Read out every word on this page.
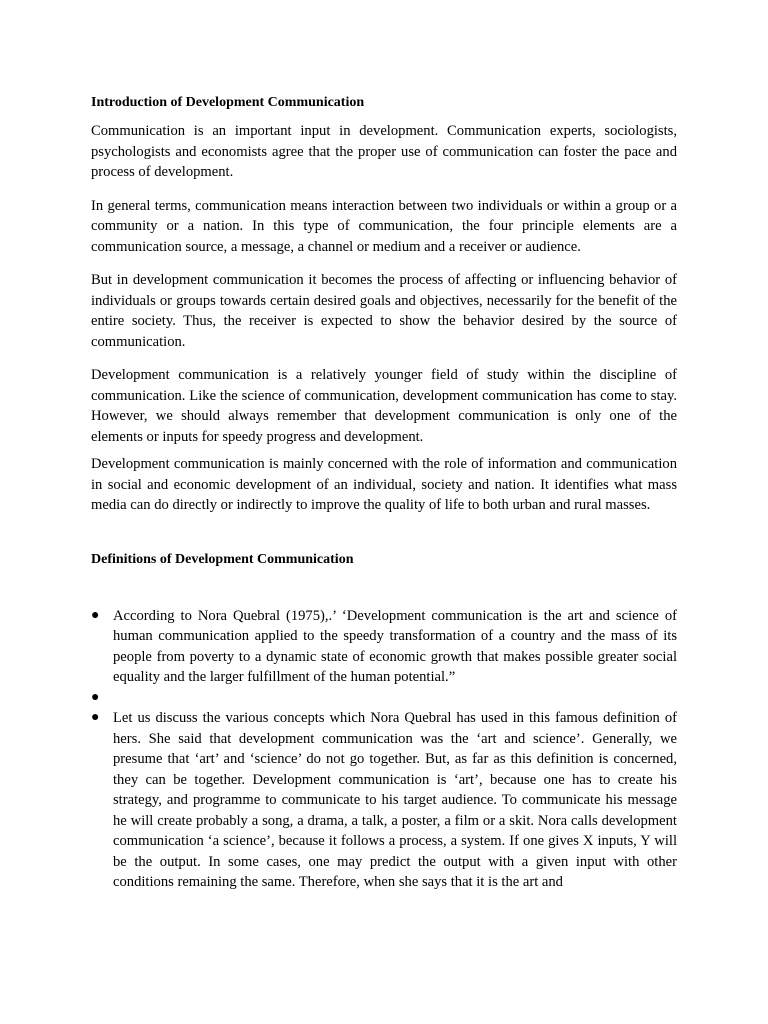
Introduction of Development Communication

Communication is an important input in development. Communication experts, sociologists, psychologists and economists agree that the proper use of communication can foster the pace and process of development.

In general terms, communication means interaction between two individuals or within a group or a community or a nation. In this type of communication, the four principle elements are a communication source, a message, a channel or medium and a receiver or audience.

But in development communication it becomes the process of affecting or influencing behavior of individuals or groups towards certain desired goals and objectives, necessarily for the benefit of the entire society. Thus, the receiver is expected to show the behavior desired by the source of communication.

Development communication is a relatively younger field of study within the discipline of communication. Like the science of communication, development communication has come to stay. However, we should always remember that development communication is only one of the elements or inputs for speedy progress and development.

Development communication is mainly concerned with the role of information and communication in social and economic development of an individual, society and nation. It identifies what mass media can do directly or indirectly to improve the quality of life to both urban and rural masses.

Definitions of Development Communication

● According to Nora Quebral (1975),.’ ‘Development communication is the art and science of human communication applied to the speedy transformation of a country and the mass of its people from poverty to a dynamic state of economic growth that makes possible greater social equality and the larger fulfillment of the human potential.”
●
● Let us discuss the various concepts which Nora Quebral has used in this famous definition of hers. She said that development communication was the ‘art and science’. Generally, we presume that ‘art’ and ‘science’ do not go together. But, as far as this definition is concerned, they can be together. Development communication is ‘art’, because one has to create his strategy, and programme to communicate to his target audience. To communicate his message he will create probably a song, a drama, a talk, a poster, a film or a skit. Nora calls development communication ‘a science’, because it follows a process, a system. If one gives X inputs, Y will be the output. In some cases, one may predict the output with a given input with other conditions remaining the same. Therefore, when she says that it is the art and
